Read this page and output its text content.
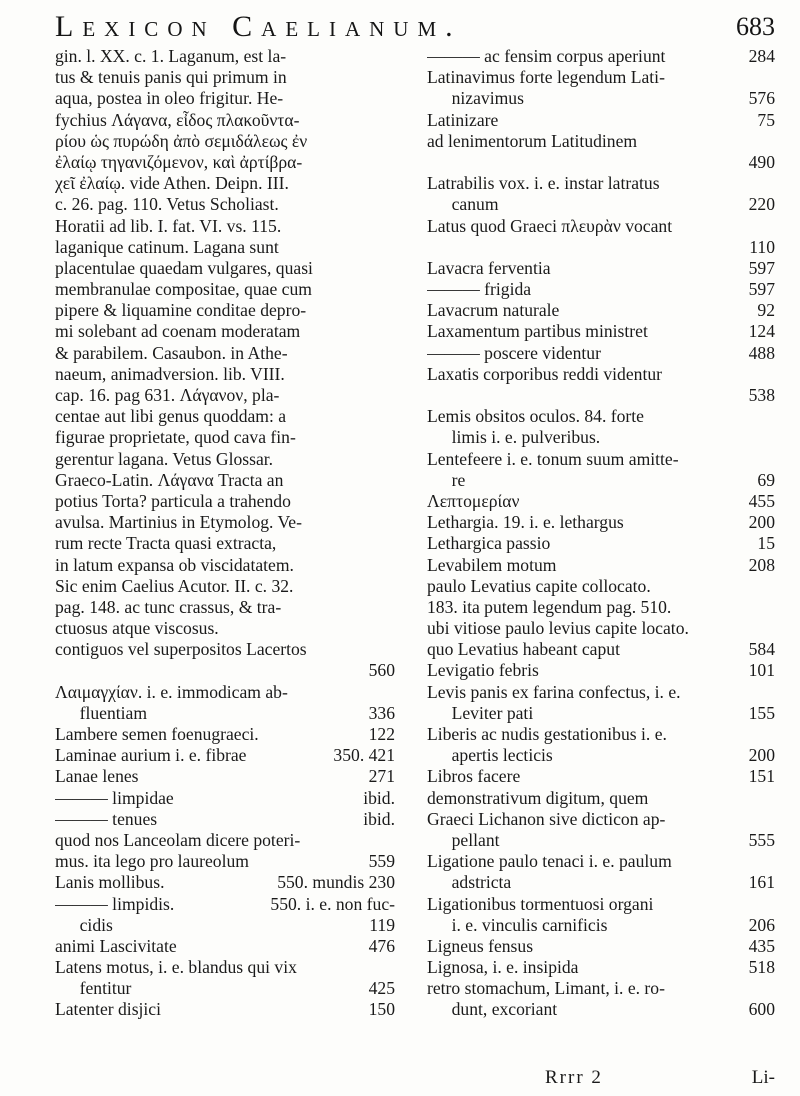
Lexicon Caelianum.	683
gin. l. XX. c. 1. Laganum, est la-
tus & tenuis panis qui primum in
aqua, postea in oleo frigitur. He-
fychius Λάγανα, εἶδος πλακοῦντα-
ρίου ὡς πυρώδη ἀπὸ σεμιδάλεως ἐν
ἐλαίῳ τηγανιζόμενον, καὶ ἀρτίβρα-
χεῖ ἐλαίῳ. vide Athen. Deipn. III.
c. 26. pag. 110. Vetus Scholiast.
Horatii ad lib. I. fat. VI. vs. 115.
laganique catinum. Lagana sunt
placentulae quaedam vulgares, quasi
membranulae compositae, quae cum
pipere & liquamine conditae depro-
mi solebant ad coenam moderatam
& parabilem. Casaubon. in Athe-
naeum, animadversion. lib. VIII.
cap. 16. pag 631. Λάγανον, pla-
centae aut libi genus quoddam: a
figurae proprietate, quod cava fin-
gerentur lagana. Vetus Glossar.
Graeco-Latin. Λάγανα Tracta an
potius Torta? particula a trahendo
avulsa. Martinius in Etymolog. Ve-
rum recte Tracta quasi extracta,
in latum expansa ob viscidatatem.
Sic enim Caelius Acutor. II. c. 32.
pag. 148. ac tunc crassus, & tra-
ctuosus atque viscosus.
contiguos vel superpositos Lacertos
560
Λαιμαγχίαν. i. e. immodicam ab-
fluentiam	336
Lambere semen foenugraeci.	122
Laminae aurium i. e. fibrae	350. 421
Lanae lenes	271
——— limpidae	ibid.
——— tenues	ibid.
quod nos Lanceolam dicere poteri-
mus. ita lego pro laureolum	559
Lanis mollibus.	550. mundis 230
——— limpidis.	550. i. e. non fuc-
cidis	119
animi Lascivitate	476
Latens motus, i. e. blandus qui vix
fentitur	425
Latenter disjici	150
——— ac fensim corpus aperiunt	284
Latinavimus forte legendum Lati-
nizavimus	576
Latinizare	75
ad lenimentorum Latitudinem
490
Latrabilis vox. i. e. instar latratus
canum	220
Latus quod Graeci πλευρὰν vocant
110
Lavacra ferventia	597
——— frigida	597
Lavacrum naturale	92
Laxamentum partibus ministret	124
——— poscere videntur	488
Laxatis corporibus reddi videntur
538
Lemis obsitos oculos. 84. forte
limis i. e. pulveribus.
Lentefeere i. e. tonum suum amitte-
re	69
Λεπτομερίαν	455
Lethargia. 19. i. e. lethargus	200
Lethargica passio	15
Levabilem motum	208
paulo Levatius capite collocato.
183. ita putem legendum pag. 510.
ubi vitiose paulo levius capite locato.
quo Levatius habeant caput	584
Levigatio febris	101
Levis panis ex farina confectus, i. e.
Leviter pati	155
Liberis ac nudis gestationibus i. e.
apertis lecticis	200
Libros facere	151
demonstrativum digitum, quem
Graeci Lichanon sive dicticon ap-
pellant	555
Ligatione paulo tenaci i. e. paulum
adstricta	161
Ligationibus tormentuosi organi
i. e. vinculis carnificis	206
Ligneus fensus	435
Lignosa, i. e. insipida	518
retro stomachum, Limant, i. e. ro-
dunt, excoriant	600
Rrrr 2	Li-
